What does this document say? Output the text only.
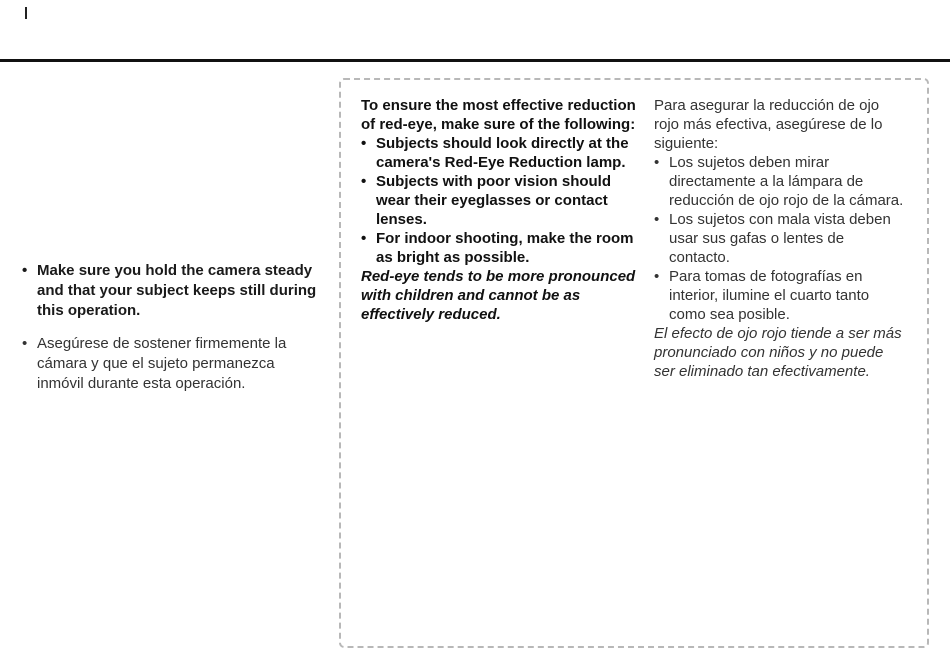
• Make sure you hold the camera steady and that your subject keeps still during this operation.
• Asegúrese de sostener firmemente la cámara y que el sujeto permanezca inmóvil durante esta operación.

To ensure the most effective reduction of red-eye, make sure of the following:

• Subjects should look directly at the camera's Red-Eye Reduction lamp.
• Subjects with poor vision should wear their eyeglasses or contact lenses.
• For indoor shooting, make the room as bright as possible.

Red-eye tends to be more pronounced with children and cannot be as effectively reduced.

Para asegurar la reducción de ojo rojo más efectiva, asegúrese de lo siguiente:

• Los sujetos deben mirar directamente a la lámpara de reducción de ojo rojo de la cámara.
• Los sujetos con mala vista deben usar sus gafas o lentes de contacto.
• Para tomas de fotografías en interior, ilumine el cuarto tanto como sea posible.

El efecto de ojo rojo tiende a ser más pronunciado con niños y no puede ser eliminado tan efectivamente.
